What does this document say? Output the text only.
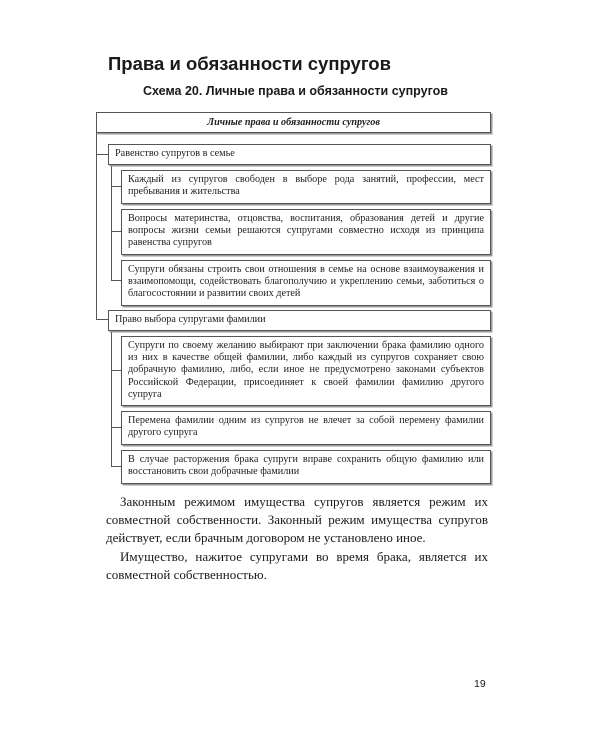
Права и обязанности супругов
Схема 20. Личные права и обязанности супругов
Личные права и обязанности супругов
Равенство супругов в семье
Каждый из супругов свободен в выборе рода занятий, профессии, мест пребывания и жительства
Вопросы материнства, отцовства, воспитания, образования детей и другие вопросы жизни семьи решаются супругами совместно исходя из принципа равенства супругов
Супруги обязаны строить свои отношения в семье на основе взаимоуважения и взаимопомощи, содействовать благополучию и укреплению семьи, заботиться о благосостоянии и развитии своих детей
Право выбора супругами фамилии
Супруги по своему желанию выбирают при заключении брака фамилию одного из них в качестве общей фамилии, либо каждый из супругов сохраняет свою добрачную фамилию, либо, если иное не предусмотрено законами субъектов Российской Федерации, присоединяет к своей фамилии фамилию другого супруга
Перемена фамилии одним из супругов не влечет за собой перемену фамилии другого супруга
В случае расторжения брака супруги вправе сохранить общую фамилию или восстановить свои добрачные фамилии
Законным режимом имущества супругов является режим их совместной собственности. Законный режим имущества супругов действует, если брачным договором не установлено иное.
Имущество, нажитое супругами во время брака, является их совместной собственностью.
19
